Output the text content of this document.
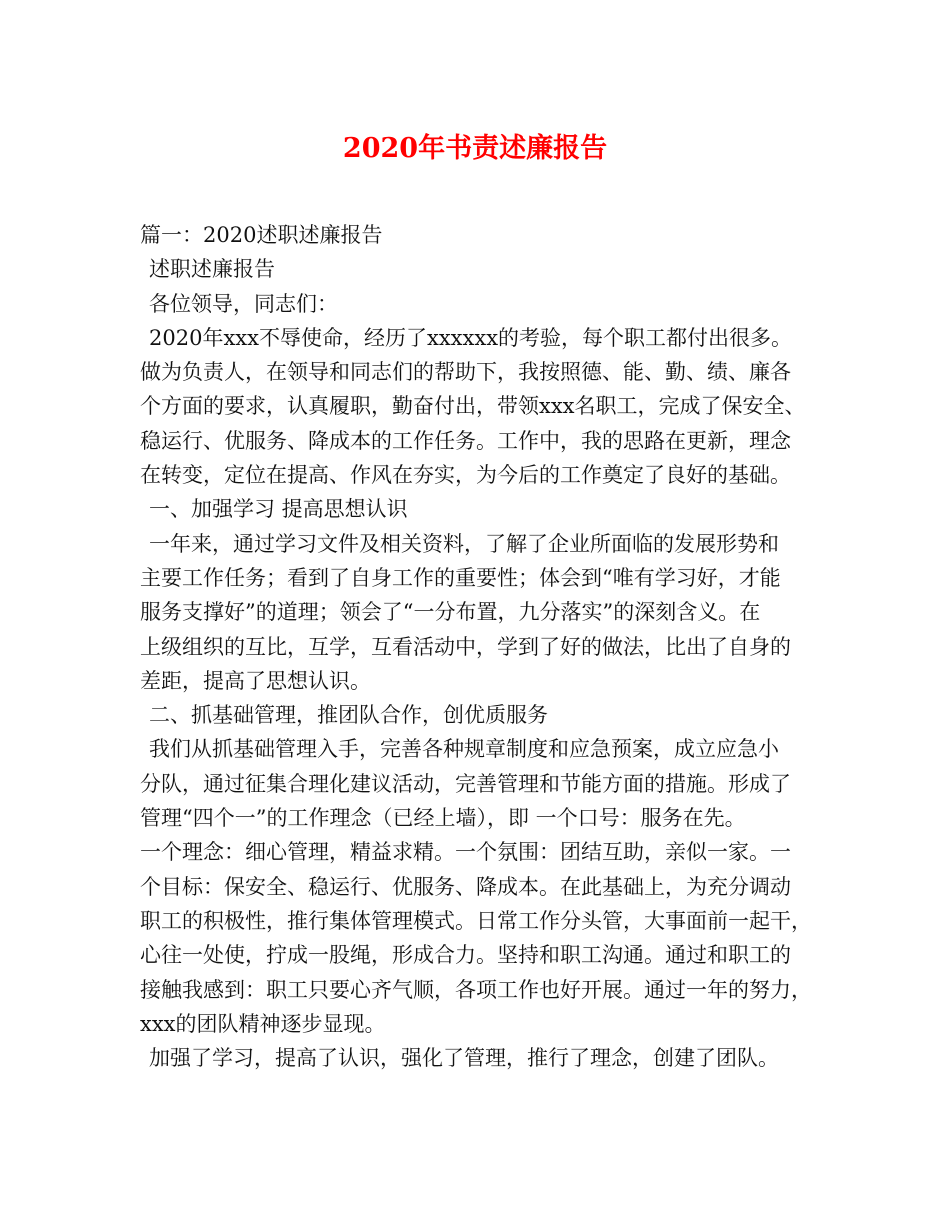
2020年书责述廉报告

篇一：2020述职述廉报告

述职述廉报告

各位领导，同志们：

2020年xxx不辱使命，经历了xxxxxx的考验，每个职工都付出很多。

做为负责人，在领导和同志们的帮助下，我按照德、能、勤、绩、廉各

个方面的要求，认真履职，勤奋付出，带领xxx名职工，完成了保安全、

稳运行、优服务、降成本的工作任务。工作中，我的思路在更新，理念

在转变，定位在提高、作风在夯实，为今后的工作奠定了良好的基础。

一、加强学习 提高思想认识

一年来，通过学习文件及相关资料，了解了企业所面临的发展形势和

主要工作任务；看到了自身工作的重要性；体会到“唯有学习好，才能

服务支撑好”的道理；领会了“一分布置，九分落实”的深刻含义。在

上级组织的互比，互学，互看活动中，学到了好的做法，比出了自身的

差距，提高了思想认识。

二、抓基础管理，推团队合作，创优质服务

我们从抓基础管理入手，完善各种规章制度和应急预案，成立应急小

分队，通过征集合理化建议活动，完善管理和节能方面的措施。形成了

管理“四个一”的工作理念（已经上墙），即 一个口号：服务在先。

一个理念：细心管理，精益求精。一个氛围：团结互助，亲似一家。一

个目标：保安全、稳运行、优服务、降成本。在此基础上，为充分调动

职工的积极性，推行集体管理模式。日常工作分头管，大事面前一起干，

心往一处使，拧成一股绳，形成合力。坚持和职工沟通。通过和职工的

接触我感到：职工只要心齐气顺，各项工作也好开展。通过一年的努力，

xxx的团队精神逐步显现。

加强了学习，提高了认识，强化了管理，推行了理念，创建了团队。
